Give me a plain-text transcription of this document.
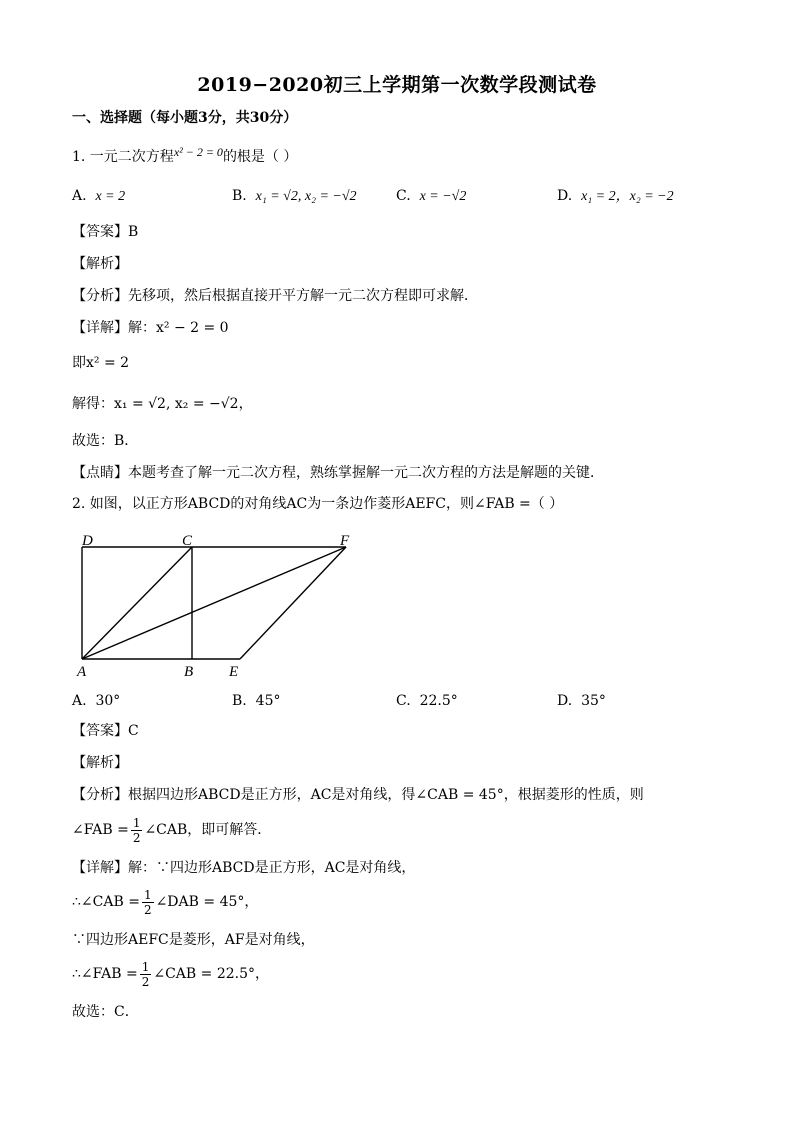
2019−2020初三上学期第一次数学段测试卷
一、选择题（每小题3分，共30分）
1. 一元二次方程x² − 2 = 0的根是（ ）
A. x = 2	B. x₁ = √2, x₂ = −√2	C. x = −√2	D. x₁ = 2，x₂ = −2
【答案】B
【解析】
【分析】先移项，然后根据直接开平方解一元二次方程即可求解．
【详解】解：x² − 2 = 0
即x² = 2
解得：x₁ = √2, x₂ = −√2，
故选：B．
【点睛】本题考查了解一元二次方程，熟练掌握解一元二次方程的方法是解题的关键．
2. 如图，以正方形ABCD的对角线AC为一条边作菱形AEFC，则∠FAB =（ ）
D	C	F
A	B E
A. 30°	B. 45°	C. 22.5°	D. 35°
【答案】C
【解析】
【分析】根据四边形ABCD是正方形，AC是对角线，得∠CAB = 45°，根据菱形的性质，则
∠FAB = $\frac{1}{2}$ ∠CAB，即可解答．
【详解】解：∵四边形ABCD是正方形，AC是对角线，
∴∠CAB = $\frac{1}{2}$ ∠DAB = 45°，
∵四边形AEFC是菱形，AF是对角线，
∴∠FAB = $\frac{1}{2}$ ∠CAB = 22.5°，
故选：C．
